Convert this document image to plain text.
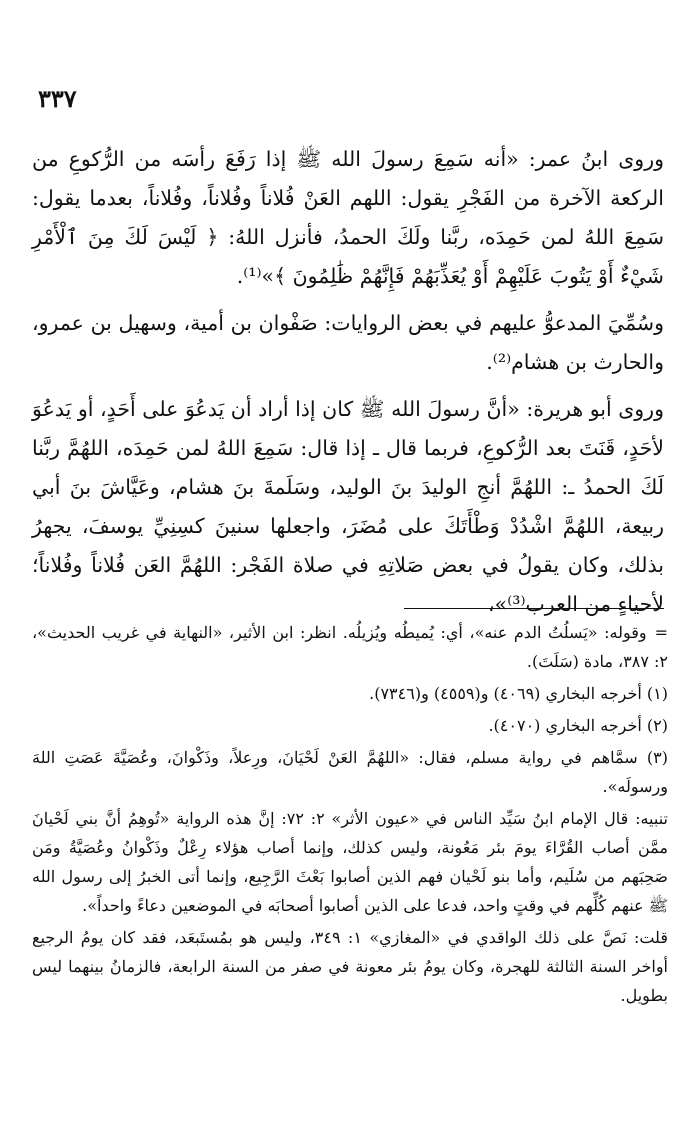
٣٣٧

وروى ابنُ عمر: «أنه سَمِعَ رسولَ الله ﷺ إذا رَفَعَ رأسَه من الرُّكوعِ من الركعة الآخرة من الفَجْرِ يقول: اللهم العَنْ فُلاناً وفُلاناً، وفُلاناً، بعدما يقول: سَمِعَ اللهُ لمن حَمِدَه، ربَّنا ولَكَ الحمدُ، فأنزل اللهُ: ﴿ لَيْسَ لَكَ مِنَ ٱلْأَمْرِ شَيْءٌ أَوْ يَتُوبَ عَلَيْهِمْ أَوْ يُعَذِّبَهُمْ فَإِنَّهُمْ ظَٰلِمُونَ ﴾»⁽¹⁾.

وسُمِّيَ المدعوُّ عليهم في بعض الروايات: صَفْوان بن أمية، وسهيل بن عمرو، والحارث بن هشام⁽²⁾.

وروى أبو هريرة: «أنَّ رسولَ الله ﷺ كان إذا أراد أن يَدعُوَ على أَحَدٍ، أو يَدعُوَ لأحَدٍ، قَنَتَ بعد الرُّكوعِ، فربما قال ـ إذا قال: سَمِعَ اللهُ لمن حَمِدَه، اللهُمَّ ربَّنا لَكَ الحمدُ ـ: اللهُمَّ أنجِ الوليدَ بنَ الوليد، وسَلَمةَ بنَ هشام، وعَيَّاشَ بنَ أبي ربيعة، اللهُمَّ اشْدُدْ وَطْأَتَكَ على مُضَرَ، واجعلها سنينَ كسِنِيِّ يوسفَ، يجهرُ بذلك، وكان يقولُ في بعض صَلاتِهِ في صلاة الفَجْر: اللهُمَّ العَن فُلاناً وفُلاناً؛ لأحياءٍ من العرب⁽³⁾»،

=وقوله: «يَسلُتُ الدم عنه»، أي: يُميطُه ويُزيلُه. انظر: ابن الأثير، «النهاية في غريب الحديث»، ٢: ٣٨٧، مادة (سَلَتَ).

(١) أخرجه البخاري (٤٠٦٩) و(٤٥٥٩) و(٧٣٤٦).

(٢) أخرجه البخاري (٤٠٧٠).

(٣) سمَّاهم في رواية مسلم، فقال: «اللهُمَّ العَنْ لَحْيَانَ، ورِعلاً، وذَكْوانَ، وعُصَيَّةَ عَصَتِ اللهَ ورسولَه».

تنبيه: قال الإمام ابنُ سَيِّد الناس في «عيون الأثر» ٢: ٧٢: إنَّ هذه الرواية «تُوهِمُ أنَّ بني لَحْيانَ ممَّن أصاب القُرَّاءَ يومَ بئر مَعُونة، وليس كذلك، وإنما أصاب هؤلاء رِعْلٌ وذَكْوانُ وعُصَيَّةُ ومَن صَحِبَهم من سُلَيم، وأما بنو لَحْيان فهم الذين أصابوا بَعْثَ الرَّجِيع، وإنما أتى الخبرُ إلى رسول الله ﷺ عنهم كُلِّهم في وقتٍ واحد، فدعا على الذين أصابوا أصحابَه في الموضعين دعاءً واحداً».

قلت: نَصَّ على ذلك الواقدي في «المغازي» ١: ٣٤٩، وليس هو بمُستَبعَد، فقد كان يومُ الرجيع أواخر السنة الثالثة للهجرة، وكان يومُ بئر معونة في صفر من السنة الرابعة، فالزمانُ بينهما ليس بطويل.
